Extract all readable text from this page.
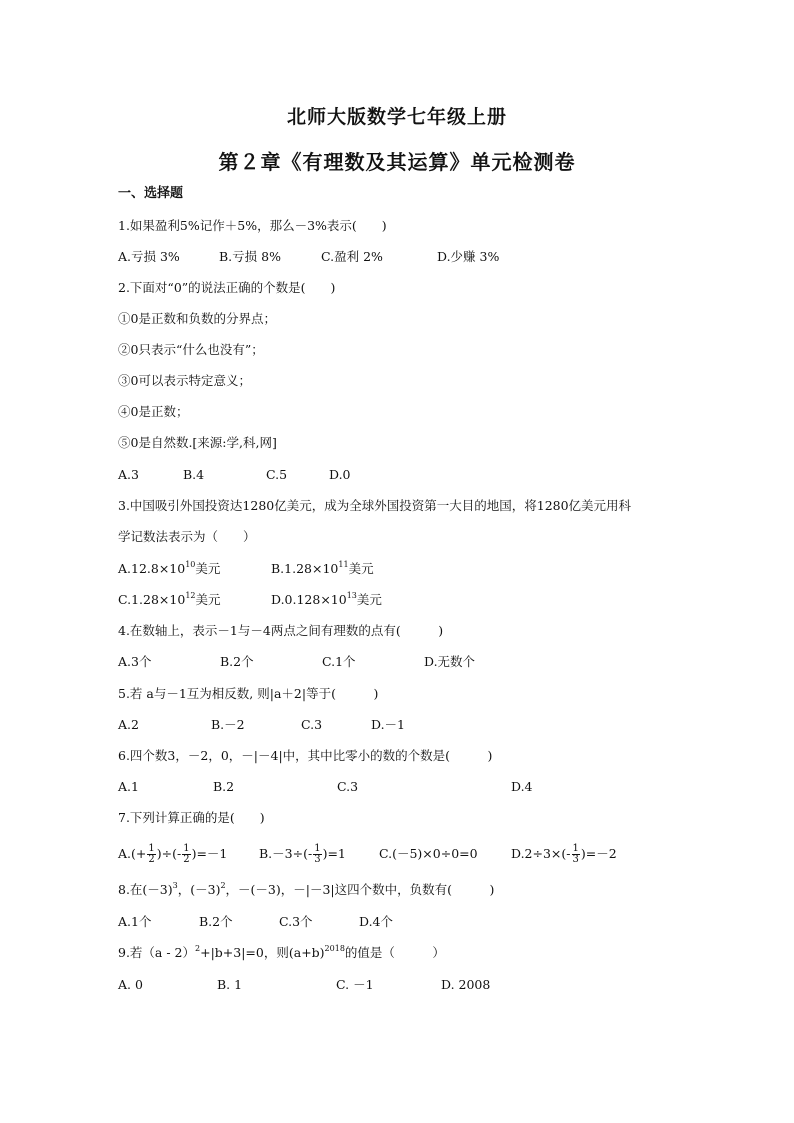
北师大版数学七年级上册
第２章《有理数及其运算》单元检测卷
一、选择题
1.如果盈利5%记作＋5%，那么－3%表示(　　)
A.亏损 3%	B.亏损 8%	C.盈利 2%	D.少赚 3%
2.下面对“0”的说法正确的个数是(　　)
①0是正数和负数的分界点；
②0只表示“什么也没有”；
③0可以表示特定意义；
④0是正数；
⑤0是自然数.[来源:学,科,网]
A.3	B.4	C.5	D.0
3.中国吸引外国投资达1280亿美元，成为全球外国投资第一大目的地国，将1280亿美元用科
学记数法表示为（　　）
$A.12.8\times 10^{10}$美元	$B.1.28\times 10^{11}$美元
$C.1.28\times 10^{12}$美元	$D.0.128\times 10^{13}$美元
4.在数轴上，表示－1与－4两点之间有理数的点有(　　　)
A.3个	B.2个	C.1个	D.无数个
5.若 a与－1互为相反数, 则|a＋2|等于(　　　)
A.2	B.－2	C.3	D.－1
6.四个数3，－2，0，－|－4|中，其中比零小的数的个数是(　　　)
A.1	B.2	C.3	D.4
7.下列计算正确的是(　　)
$A.(+ \frac{1}{2}$ )÷(- $\frac{1}{2} )=-1$	$B.-3\div(- \frac{1}{3} )=1$	C.(－5)×0÷0=0	$D.2\div 3\times(- \frac{1}{3} )=-2$
8.在$(-3)^3$，$(-3)^2$，－(－3)，－|－3|这四个数中，负数有(　　　)
A.1个	B.2个	C.3个	D.4个
9.若（a - 2）$^2$+|b+3|=0，则$(a+b)^{2018}$的值是（　　　）
A. 0	B. 1	C. －1	D. 2008
